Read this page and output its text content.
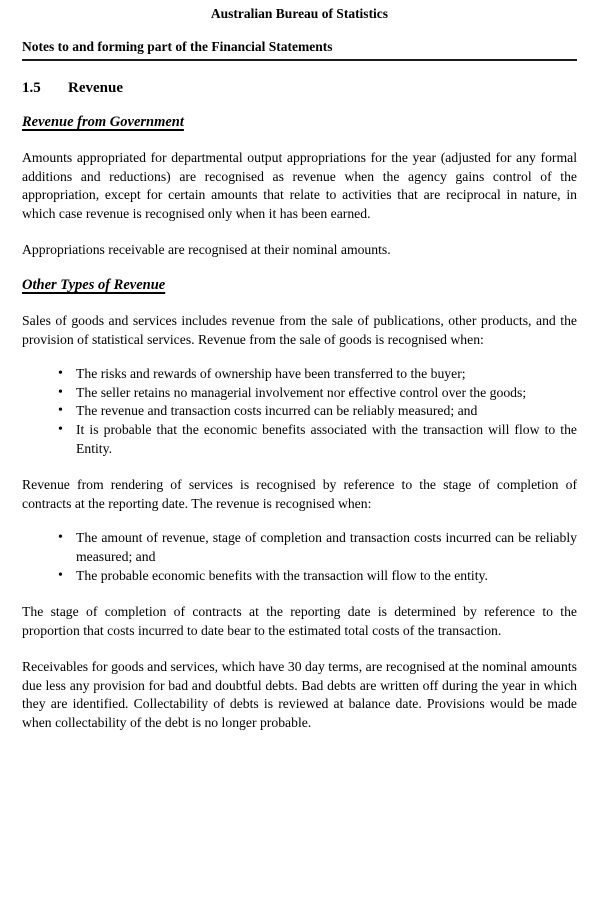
Australian Bureau of Statistics
Notes to and forming part of the Financial Statements
1.5 Revenue
Revenue from Government

Amounts appropriated for departmental output appropriations for the year (adjusted for any formal additions and reductions) are recognised as revenue when the agency gains control of the appropriation, except for certain amounts that relate to activities that are reciprocal in nature, in which case revenue is recognised only when it has been earned.

Appropriations receivable are recognised at their nominal amounts.

Other Types of Revenue

Sales of goods and services includes revenue from the sale of publications, other products, and the provision of statistical services. Revenue from the sale of goods is recognised when:

• The risks and rewards of ownership have been transferred to the buyer;
• The seller retains no managerial involvement nor effective control over the goods;
• The revenue and transaction costs incurred can be reliably measured; and
• It is probable that the economic benefits associated with the transaction will flow to the Entity.

Revenue from rendering of services is recognised by reference to the stage of completion of contracts at the reporting date. The revenue is recognised when:

• The amount of revenue, stage of completion and transaction costs incurred can be reliably measured; and
• The probable economic benefits with the transaction will flow to the entity.

The stage of completion of contracts at the reporting date is determined by reference to the proportion that costs incurred to date bear to the estimated total costs of the transaction.

Receivables for goods and services, which have 30 day terms, are recognised at the nominal amounts due less any provision for bad and doubtful debts. Bad debts are written off during the year in which they are identified. Collectability of debts is reviewed at balance date. Provisions would be made when collectability of the debt is no longer probable.
